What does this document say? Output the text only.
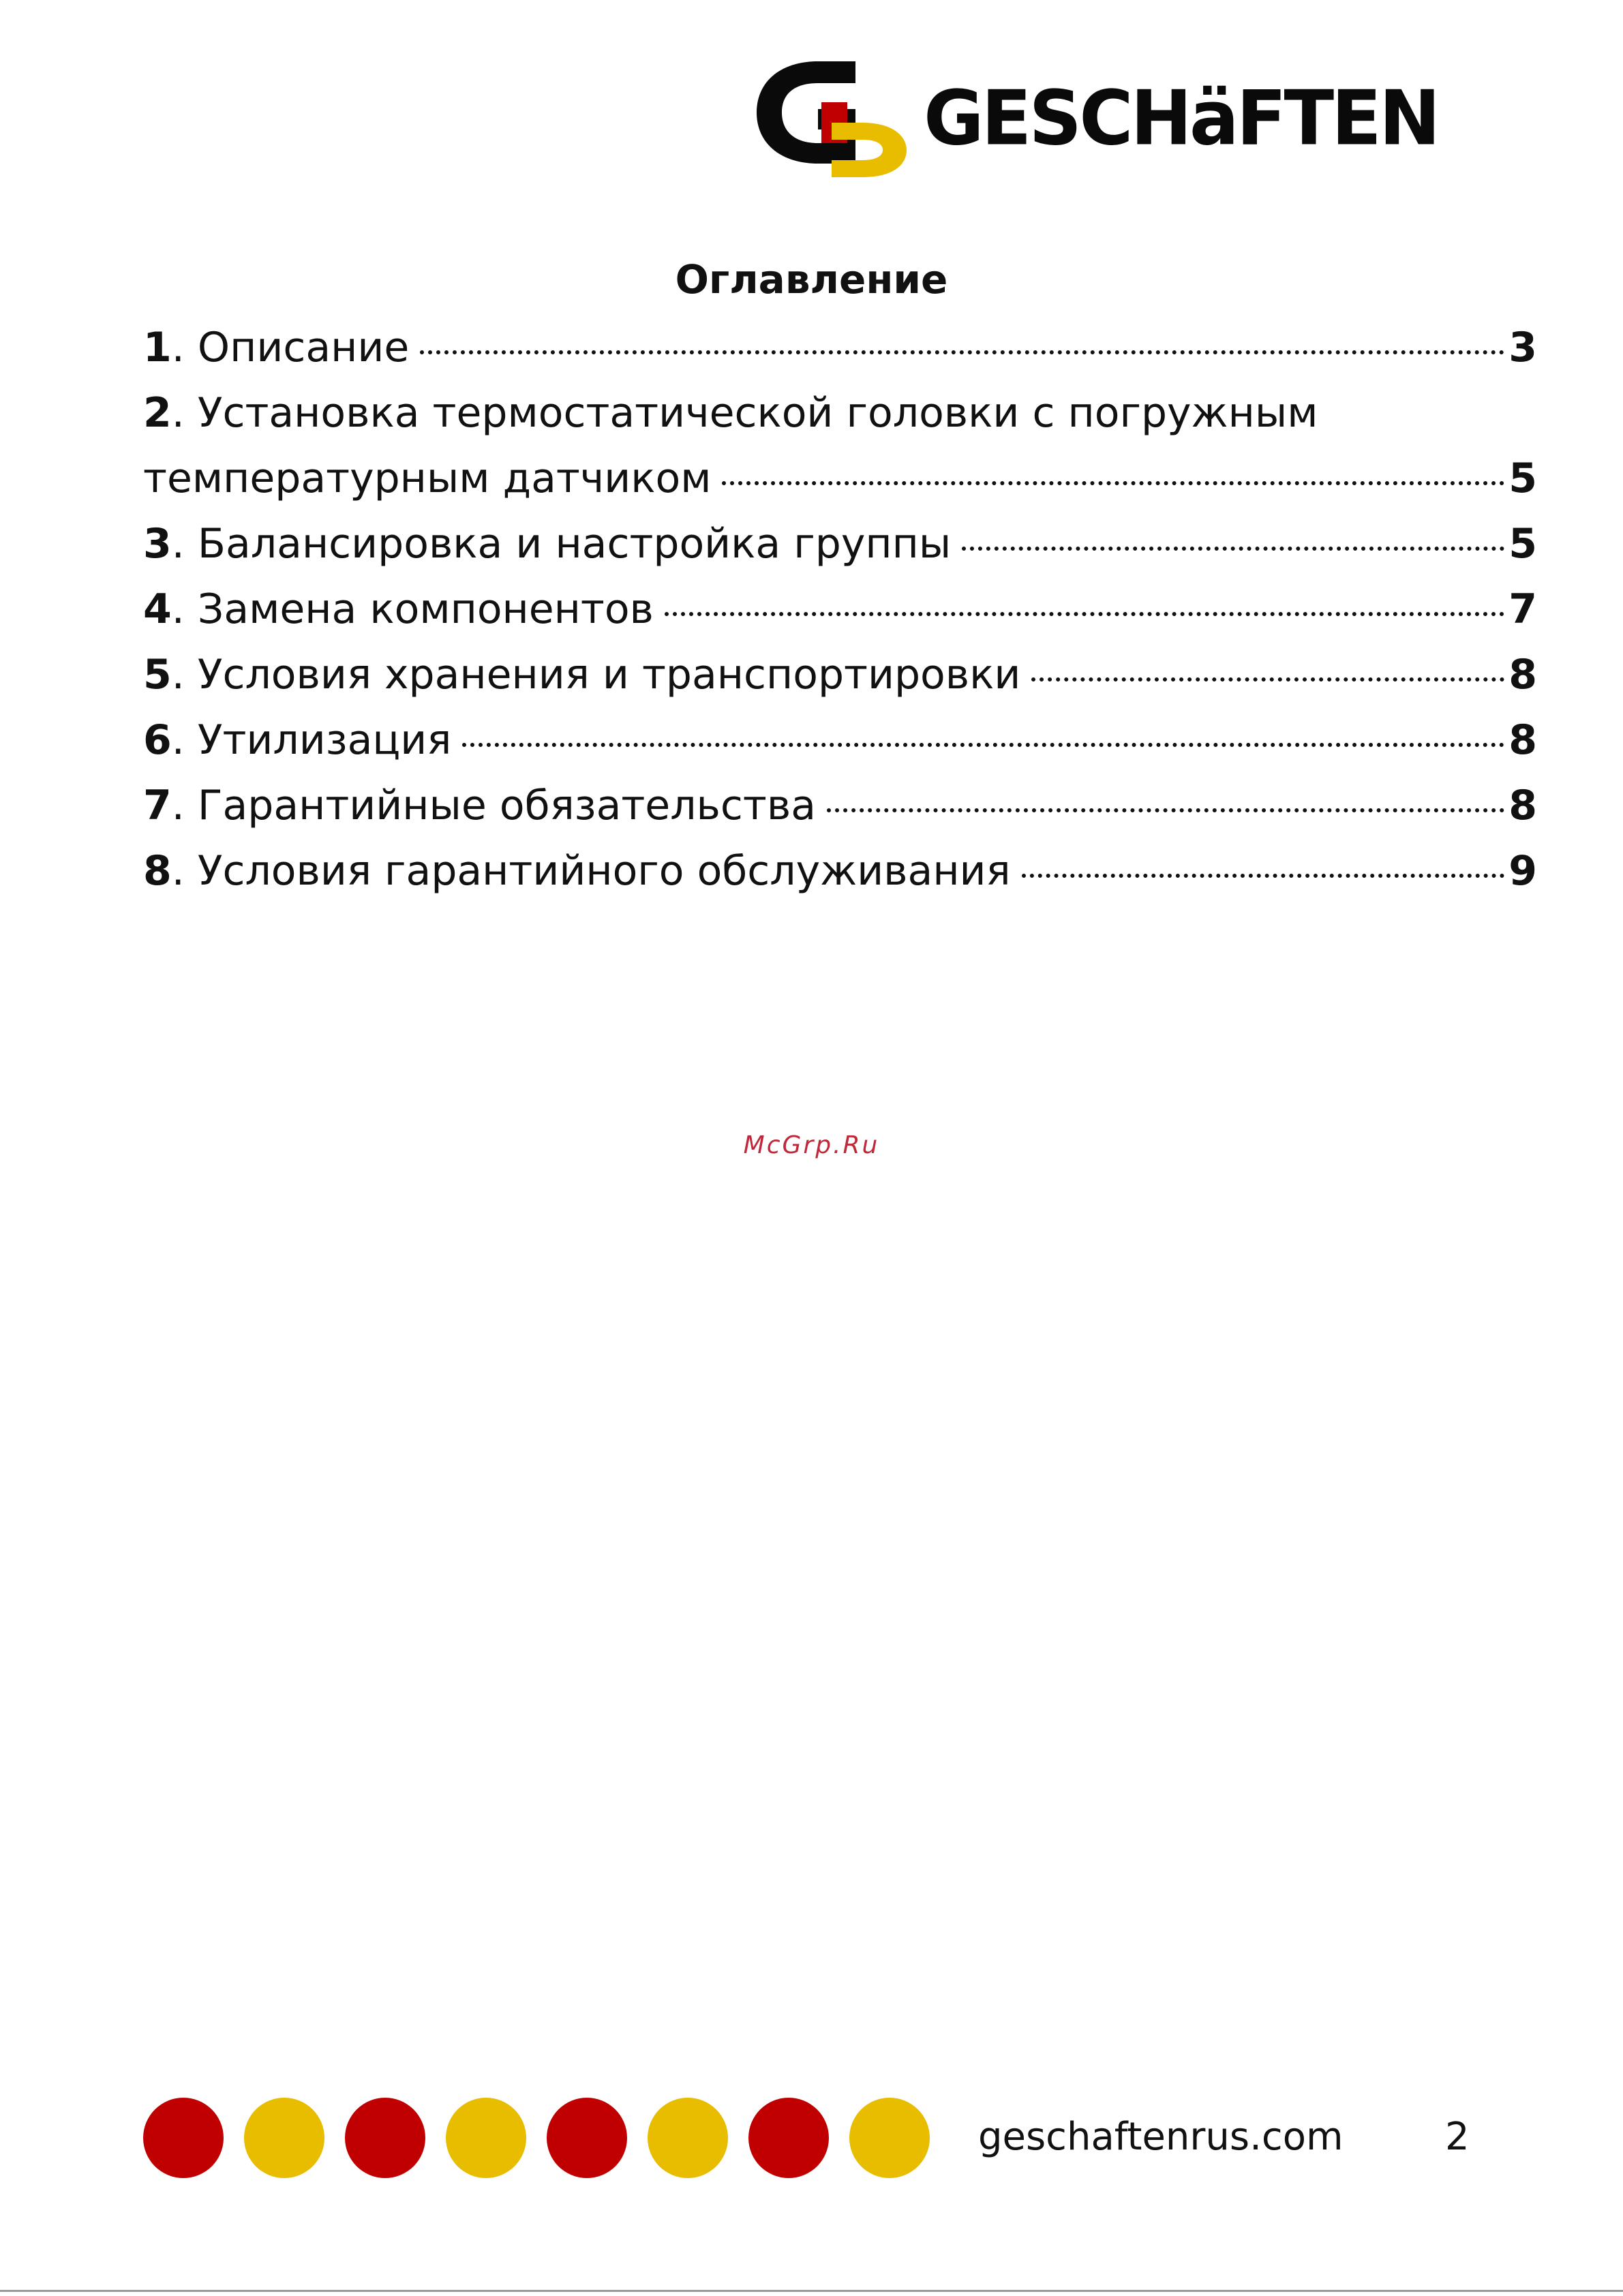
GESCHäFTEN
Оглавление
1 . Описание	3
2 . Установка термостатической головки с погружным
температурным датчиком	5
3 . Балансировка и настройка группы	5
4 . Замена компонентов	7
5 . Условия хранения и транспортировки	8
6 . Утилизация	8
7 . Гарантийные обязательства	8
8 . Условия гарантийного обслуживания	9
McGrp.Ru
geschaftenrus.com	2
